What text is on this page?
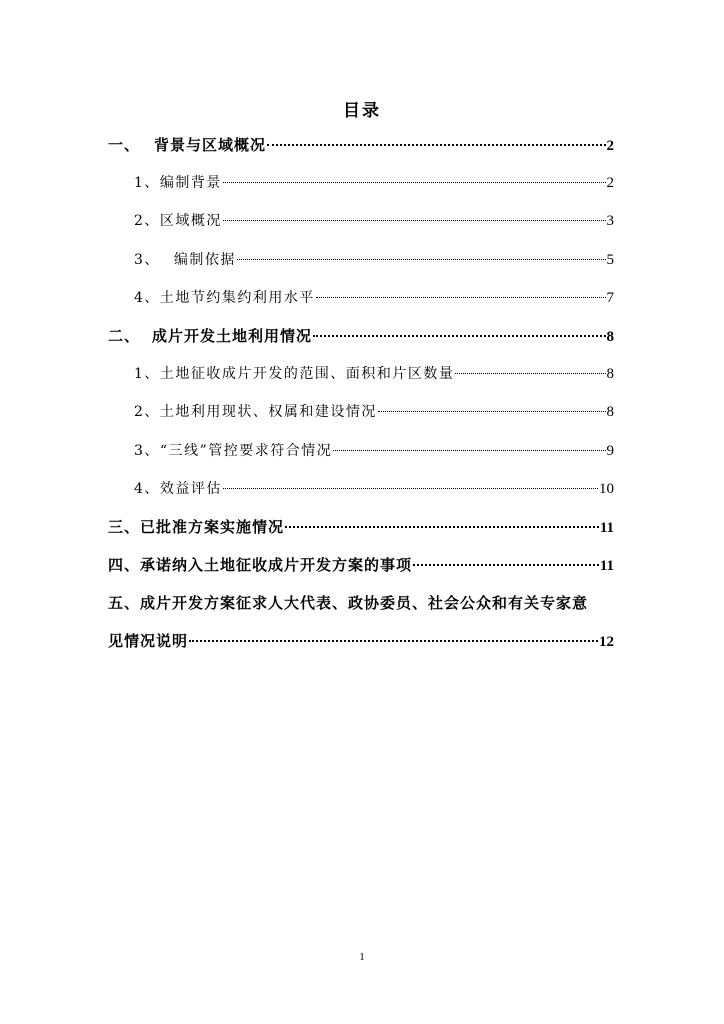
目录
一、 背景与区域概况	2
1、 编制背景	2
2、 区域概况	3
3、 编制依据	5
4、 土地节约集约利用水平	7
二、 成片开发土地利用情况	8
1、 土地征收成片开发的范围、面积和片区数量	8
2、 土地利用现状、权属和建设情况	8
3、 “三线”管控要求符合情况	9
4、 效益评估	10
三、 已批准方案实施情况	11
四、 承诺纳入土地征收成片开发方案的事项	11
五、成片开发方案征求人大代表、政协委员、社会公众和有关专家意
见情况说明	12
1
